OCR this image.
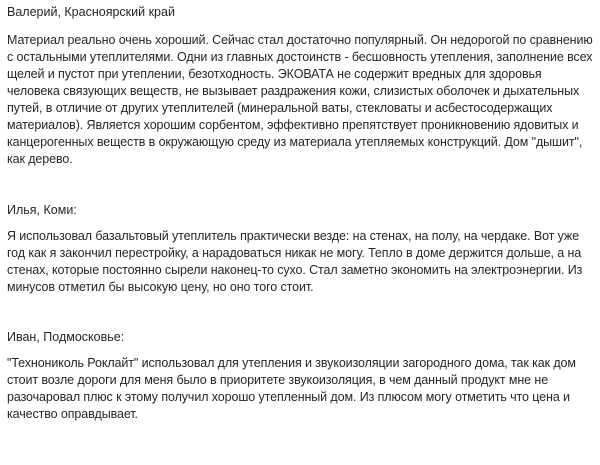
Валерий, Красноярский край

Материал реально очень хороший. Сейчас стал достаточно популярный. Он недорогой по сравнению с остальными утеплителями. Одни из главных достоинств - бесшовность утепления, заполнение всех щелей и пустот при утеплении, безотходность. ЭКОВАТА не содержит вредных для здоровья человека связующих веществ, не вызывает раздражения кожи, слизистых оболочек и дыхательных путей, в отличие от других утеплителей (минеральной ваты, стекловаты и асбестосодержащих материалов). Является хорошим сорбентом, эффективно препятствует проникновению ядовитых и канцерогенных веществ в окружающую среду из материала утепляемых конструкций. Дом "дышит", как дерево.

Илья, Коми:

Я использовал базальтовый утеплитель практически везде: на стенах, на полу, на чердаке. Вот уже год как я закончил перестройку, а нарадоваться никак не могу. Тепло в доме держится дольше, а на стенах, которые постоянно сырели наконец-то сухо. Стал заметно экономить на электроэнергии. Из минусов отметил бы высокую цену, но оно того стоит.

Иван, Подмосковье:

"Технониколь Роклайт" использовал для утепления и звукоизоляции загородного дома, так как дом стоит возле дороги для меня было в приоритете звукоизоляция, в чем данный продукт мне не разочаровал плюс к этому получил хорошо утепленный дом. Из плюсом могу отметить что цена и качество оправдывает.
